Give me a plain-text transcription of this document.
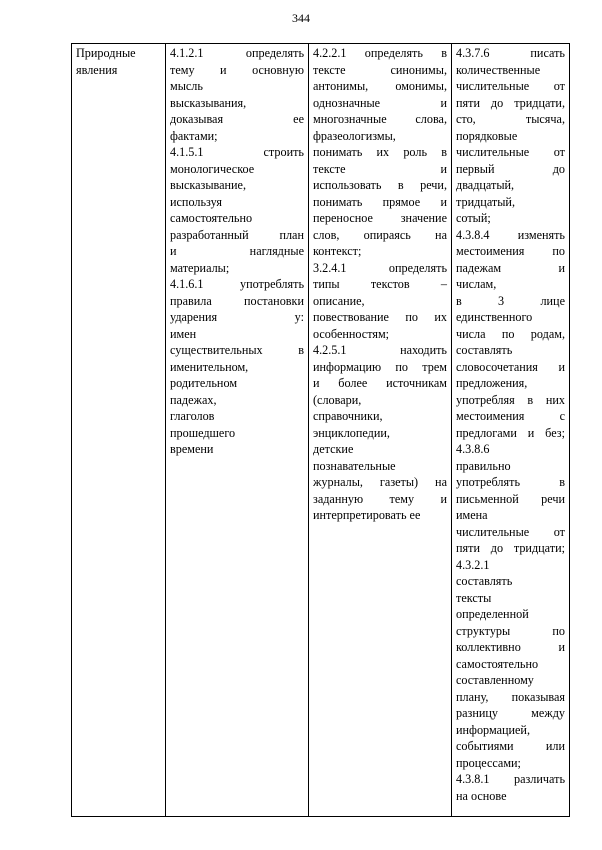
344
Природные
явления

4.1.2.1 определять
тему и основную
мысль
высказывания,
доказывая ее
фактами;
4.1.5.1 строить
монологическое
высказывание,
используя
самостоятельно
разработанный план
и наглядные
материалы;
4.1.6.1 употреблять
правила постановки
ударения у:
имен
существительных в
именительном,
родительном
падежах,
глаголов
прошедшего
времени

4.2.2.1 определять в
тексте синонимы,
антонимы, омонимы,
однозначные и
многозначные слова,
фразеологизмы,
понимать их роль в
тексте и
использовать в речи,
понимать прямое и
переносное значение
слов, опираясь на
контекст;
3.2.4.1 определять
типы текстов –
описание,
повествование по их
особенностям;
4.2.5.1 находить
информацию по трем
и более источникам
(словари,
справочники,
энциклопедии,
детские
познавательные
журналы, газеты) на
заданную тему и
интерпретировать ее

4.3.7.6 писать
количественные
числительные от
пяти до тридцати,
сто, тысяча,
порядковые
числительные от
первый до
двадцатый,
тридцатый,
сотый;
4.3.8.4 изменять
местоимения по
падежам и
числам,
в 3 лице
единственного
числа по родам,
составлять
словосочетания и
предложения,
употребляя в них
местоимения с
предлогами и без;
4.3.8.6
правильно
употреблять в
письменной речи
имена
числительные от
пяти до тридцати;
4.3.2.1
составлять
тексты
определенной
структуры по
коллективно и
самостоятельно
составленному
плану, показывая
разницу между
информацией,
событиями или
процессами;
4.3.8.1 различать
на основе
